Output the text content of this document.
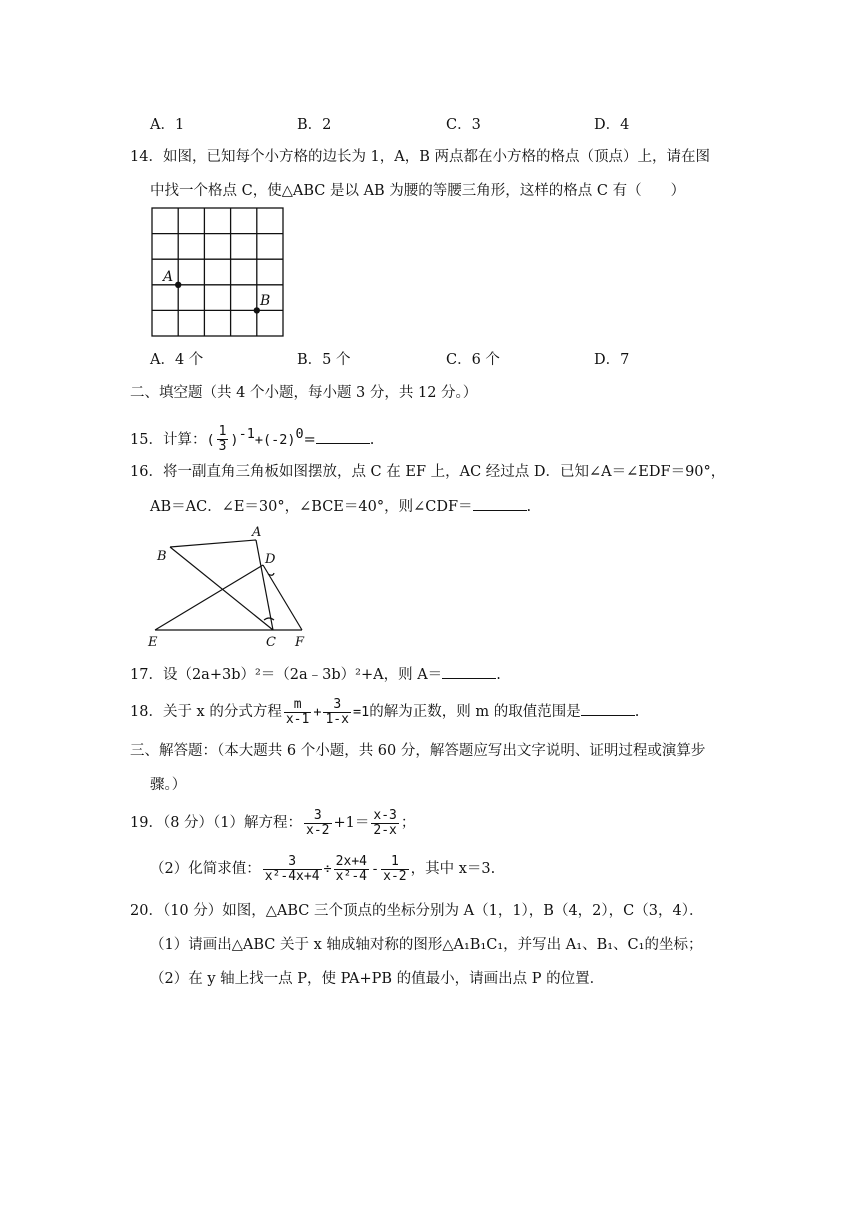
A．1	B．2	C．3	D．4
14．如图，已知每个小方格的边长为 1，A，B 两点都在小方格的格点（顶点）上，请在图
中找一个格点 C，使△ABC 是以 AB 为腰的等腰三角形，这样的格点 C 有（　　）
A
B
A．4 个	B．5 个	C．6 个	D．7
二、填空题（共 4 个小题，每小题 3 分，共 12 分。）
15．计算：( $\frac{1}{3} )^{-1}+(-2)^0=$	.
16．将一副直角三角板如图摆放，点 C 在 EF 上，AC 经过点 D．已知∠A＝∠EDF＝90°，
AB＝AC．∠E＝30°，∠BCE＝40°，则∠CDF＝	.
B
A
D
E	C F
17．设（2a+3b）²＝（2a﹣3b）²+A，则 A＝	.
18．关于 x 的分式方程 $\frac{m}{x-1} + \frac{3}{1-x} =1$的解为正数，则 m 的取值范围是	.
三、解答题：（本大题共 6 个小题，共 60 分，解答题应写出文字说明、证明过程或演算步
骤。）
19．（8 分）（1）解方程： $\frac{3}{x-2} +1= \frac{x-3}{2-x}$ ；
（2）化简求值： $\frac{3}{\text{x²-4x+4}} \div \frac{2x+4}{\text{x²-4}} - \frac{1}{x-2}$ ，其中 x＝3.
20．（10 分）如图，△ABC 三个顶点的坐标分别为 A（1，1），B（4，2），C（3，4）．
（1）请画出△ABC 关于 x 轴成轴对称的图形△A₁B₁C₁，并写出 A₁、B₁、C₁的坐标；
（2）在 y 轴上找一点 P，使 PA+PB 的值最小，请画出点 P 的位置．
